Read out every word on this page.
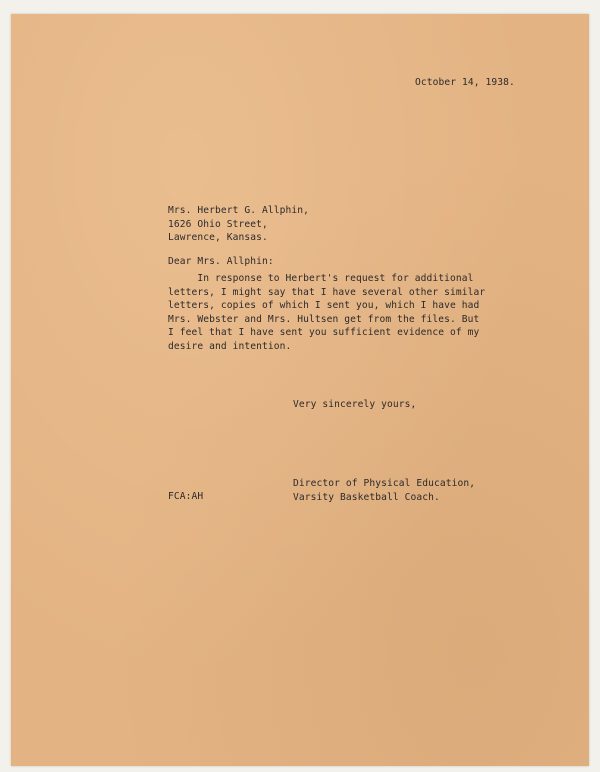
October 14, 1938.
Mrs. Herbert G. Allphin,
1626 Ohio Street,
Lawrence, Kansas.
Dear Mrs. Allphin:
In response to Herbert's request for additional
letters, I might say that I have several other similar
letters, copies of which I sent you, which I have had
Mrs. Webster and Mrs. Hultsen get from the files. But
I feel that I have sent you sufficient evidence of my
desire and intention.
Very sincerely yours,
Director of Physical Education,
Varsity Basketball Coach.
FCA:AH
